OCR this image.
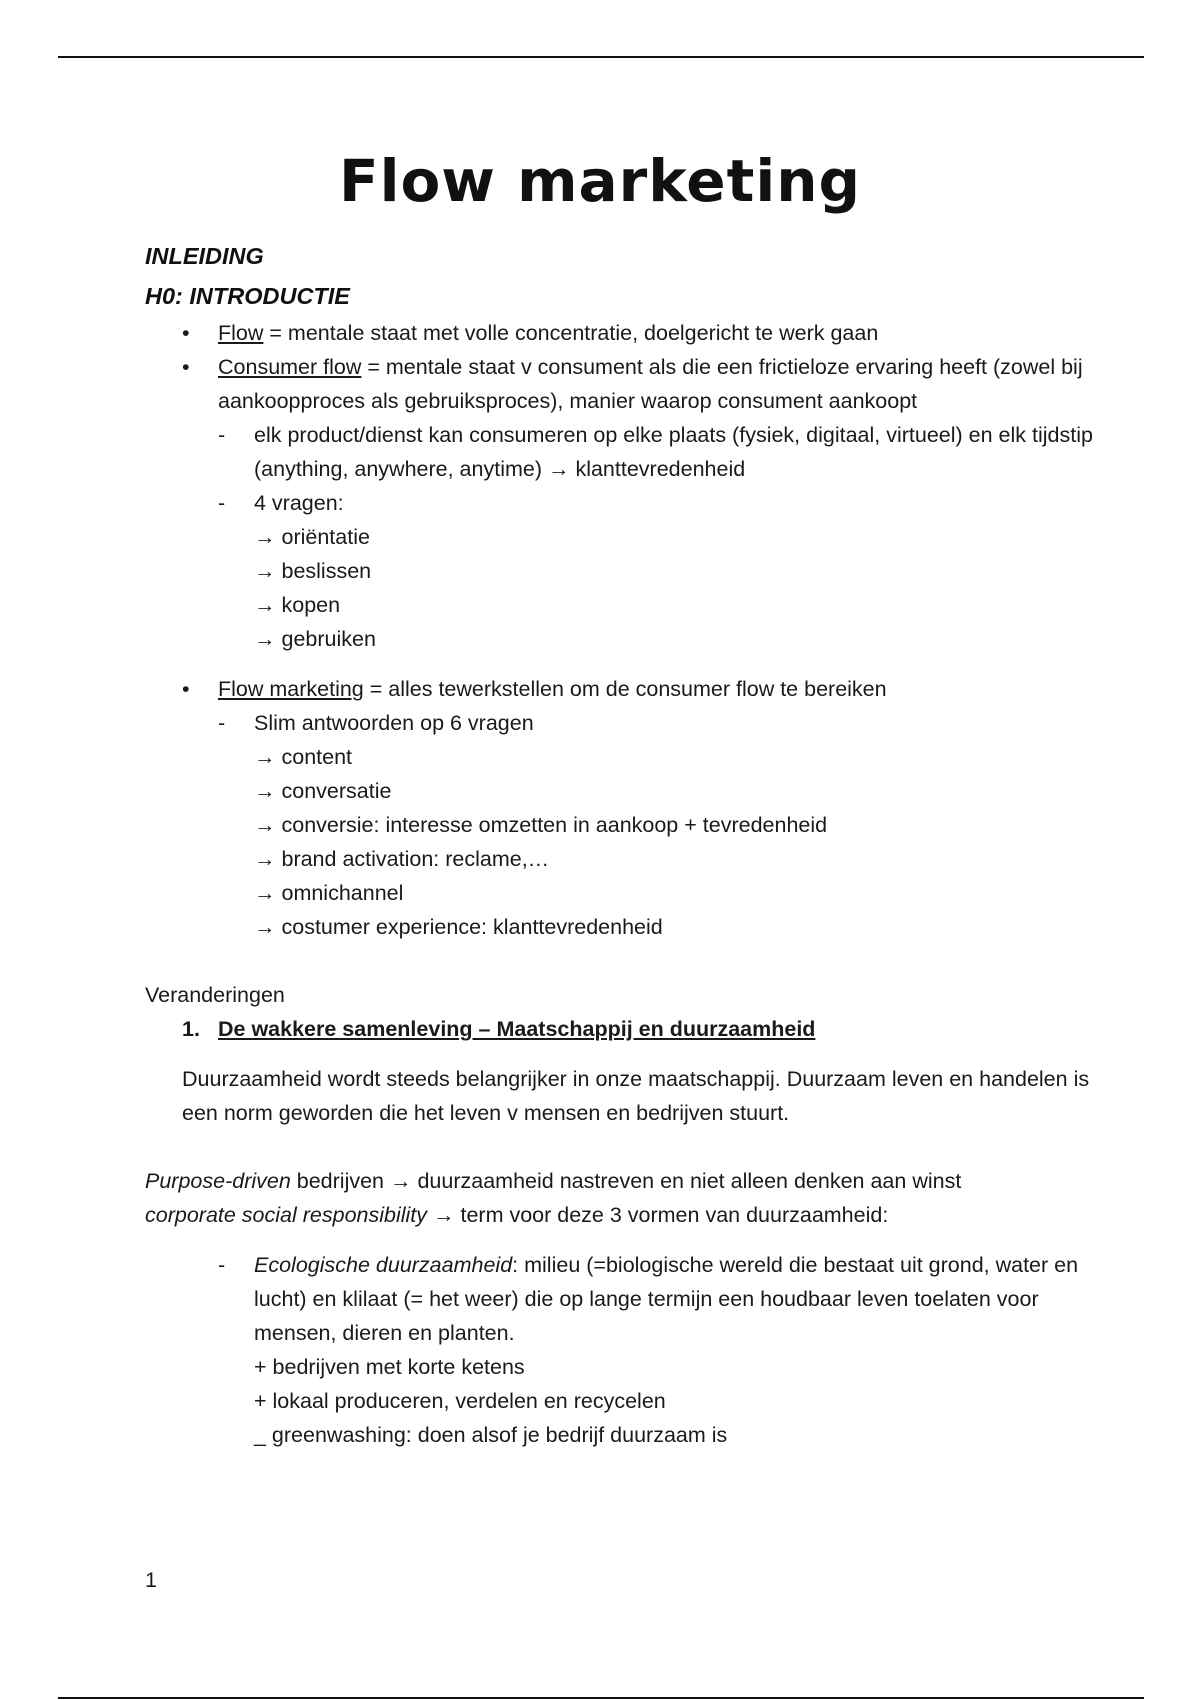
Flow marketing
INLEIDING
H0: INTRODUCTIE
• Flow = mentale staat met volle concentratie, doelgericht te werk gaan
• Consumer flow = mentale staat v consument als die een frictieloze ervaring heeft (zowel bij aankoopproces als gebruiksproces), manier waarop consument aankoopt
- elk product/dienst kan consumeren op elke plaats (fysiek, digitaal, virtueel) en elk tijdstip (anything, anywhere, anytime) → klanttevredenheid
- 4 vragen:
→ oriëntatie
→ beslissen
→ kopen
→ gebruiken
• Flow marketing = alles tewerkstellen om de consumer flow te bereiken
- Slim antwoorden op 6 vragen
→ content
→ conversatie
→ conversie: interesse omzetten in aankoop + tevredenheid
→ brand activation: reclame,…
→ omnichannel
→ costumer experience: klanttevredenheid
Veranderingen
1. De wakkere samenleving – Maatschappij en duurzaamheid
Duurzaamheid wordt steeds belangrijker in onze maatschappij. Duurzaam leven en handelen is een norm geworden die het leven v mensen en bedrijven stuurt.
Purpose-driven bedrijven → duurzaamheid nastreven en niet alleen denken aan winst
corporate social responsibility → term voor deze 3 vormen van duurzaamheid:
- Ecologische duurzaamheid: milieu (=biologische wereld die bestaat uit grond, water en lucht) en klilaat (= het weer) die op lange termijn een houdbaar leven toelaten voor mensen, dieren en planten.
+ bedrijven met korte ketens
+ lokaal produceren, verdelen en recycelen
_ greenwashing: doen alsof je bedrijf duurzaam is
1
